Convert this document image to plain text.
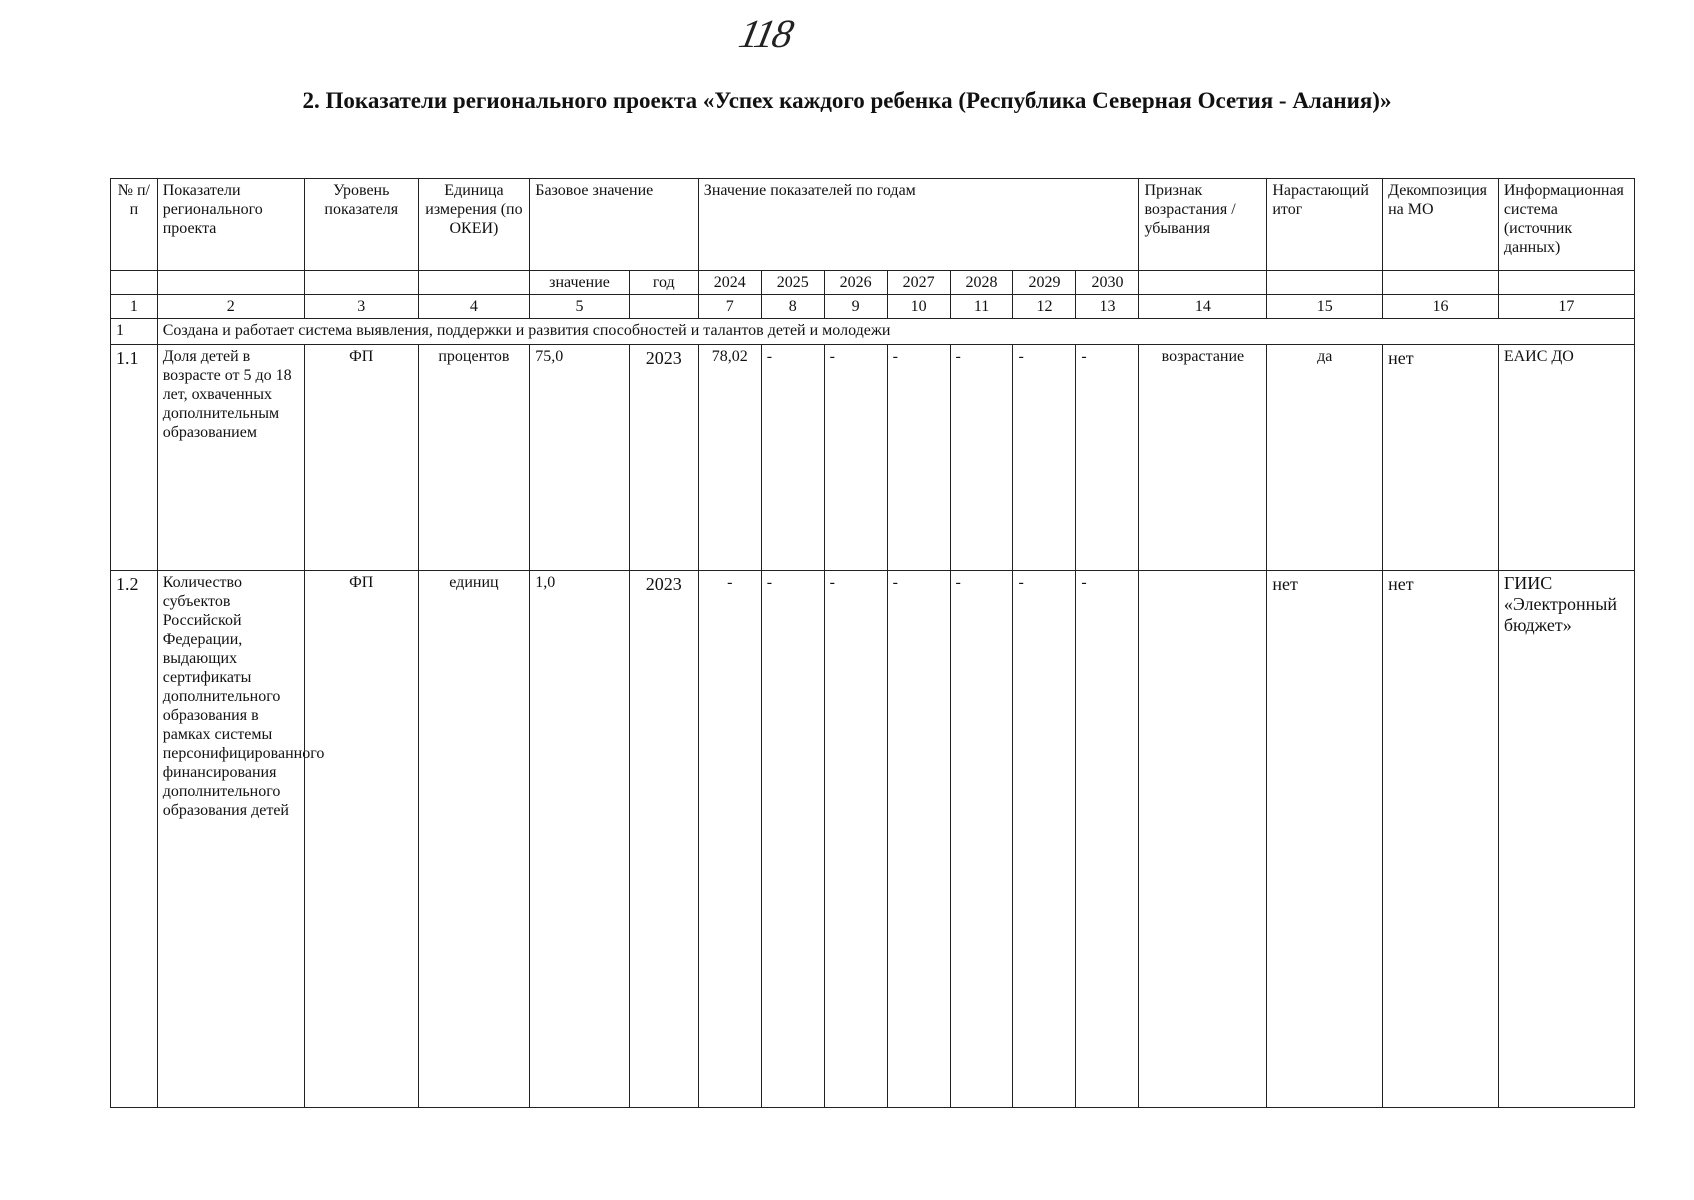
118
2. Показатели регионального проекта «Успех каждого ребенка (Республика Северная Осетия - Алания)»
№ п/п	Показатели регионального проекта	Уровень показателя	Единица измерения (по ОКЕИ)	Базовое значение		Значение показателей по годам							Признак возрастания / убывания	Нарастающий итог	Декомпозиция на МО	Информационная система (источник данных)
				значение	год	2024	2025	2026	2027	2028	2029	2030				
1	2	3	4	5		7	8	9	10	11	12	13	14	15	16	17
1	Создана и работает система выявления, поддержки и развития способностей и талантов детей и молодежи															
1.1	Доля детей в возрасте от 5 до 18 лет, охваченных дополнительным образованием	ФП	процентов	75,0	2023	78,02	-	-	-	-	-	-	возрастание	да	нет	ЕАИС ДО
1.2	Количество субъектов Российской Федерации, выдающих сертификаты дополнительного образования в рамках системы персонифицированного финансирования дополнительного образования детей	ФП	единиц	1,0	2023	-	-	-	-	-	-	-		нет	нет	ГИИС «Электронный бюджет»
